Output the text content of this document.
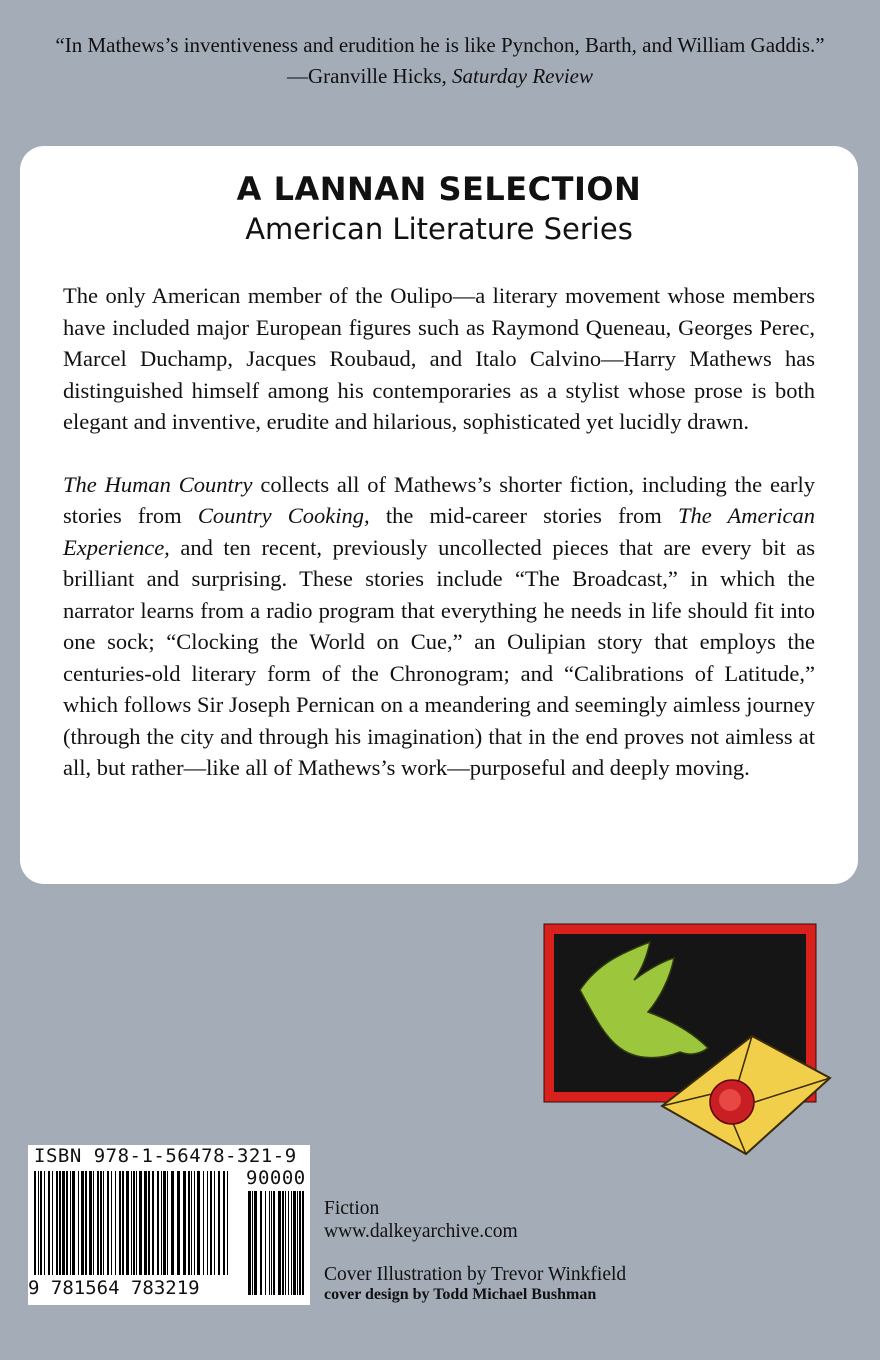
“In Mathews’s inventiveness and erudition he is like Pynchon, Barth, and William Gaddis.”
—Granville Hicks, Saturday Review
A LANNAN SELECTION
American Literature Series

The only American member of the Oulipo—a literary movement whose members have included major European figures such as Raymond Queneau, Georges Perec, Marcel Duchamp, Jacques Roubaud, and Italo Calvino—Harry Mathews has distinguished himself among his contemporaries as a stylist whose prose is both elegant and inventive, erudite and hilarious, sophisticated yet lucidly drawn.

The Human Country collects all of Mathews’s shorter fiction, including the early stories from Country Cooking, the mid-career stories from The American Experience, and ten recent, previously uncollected pieces that are every bit as brilliant and surprising. These stories include “The Broadcast,” in which the narrator learns from a radio program that everything he needs in life should fit into one sock; “Clocking the World on Cue,” an Oulipian story that employs the centuries-old literary form of the Chronogram; and “Calibrations of Latitude,” which follows Sir Joseph Pernican on a meandering and seemingly aimless journey (through the city and through his imagination) that in the end proves not aimless at all, but rather—like all of Mathews’s work—purposeful and deeply moving.

ISBN 978-1-56478-321-9
90000
9 781564 783219
Fiction
www.dalkeyarchive.com
Cover Illustration by Trevor Winkfield
cover design by Todd Michael Bushman
